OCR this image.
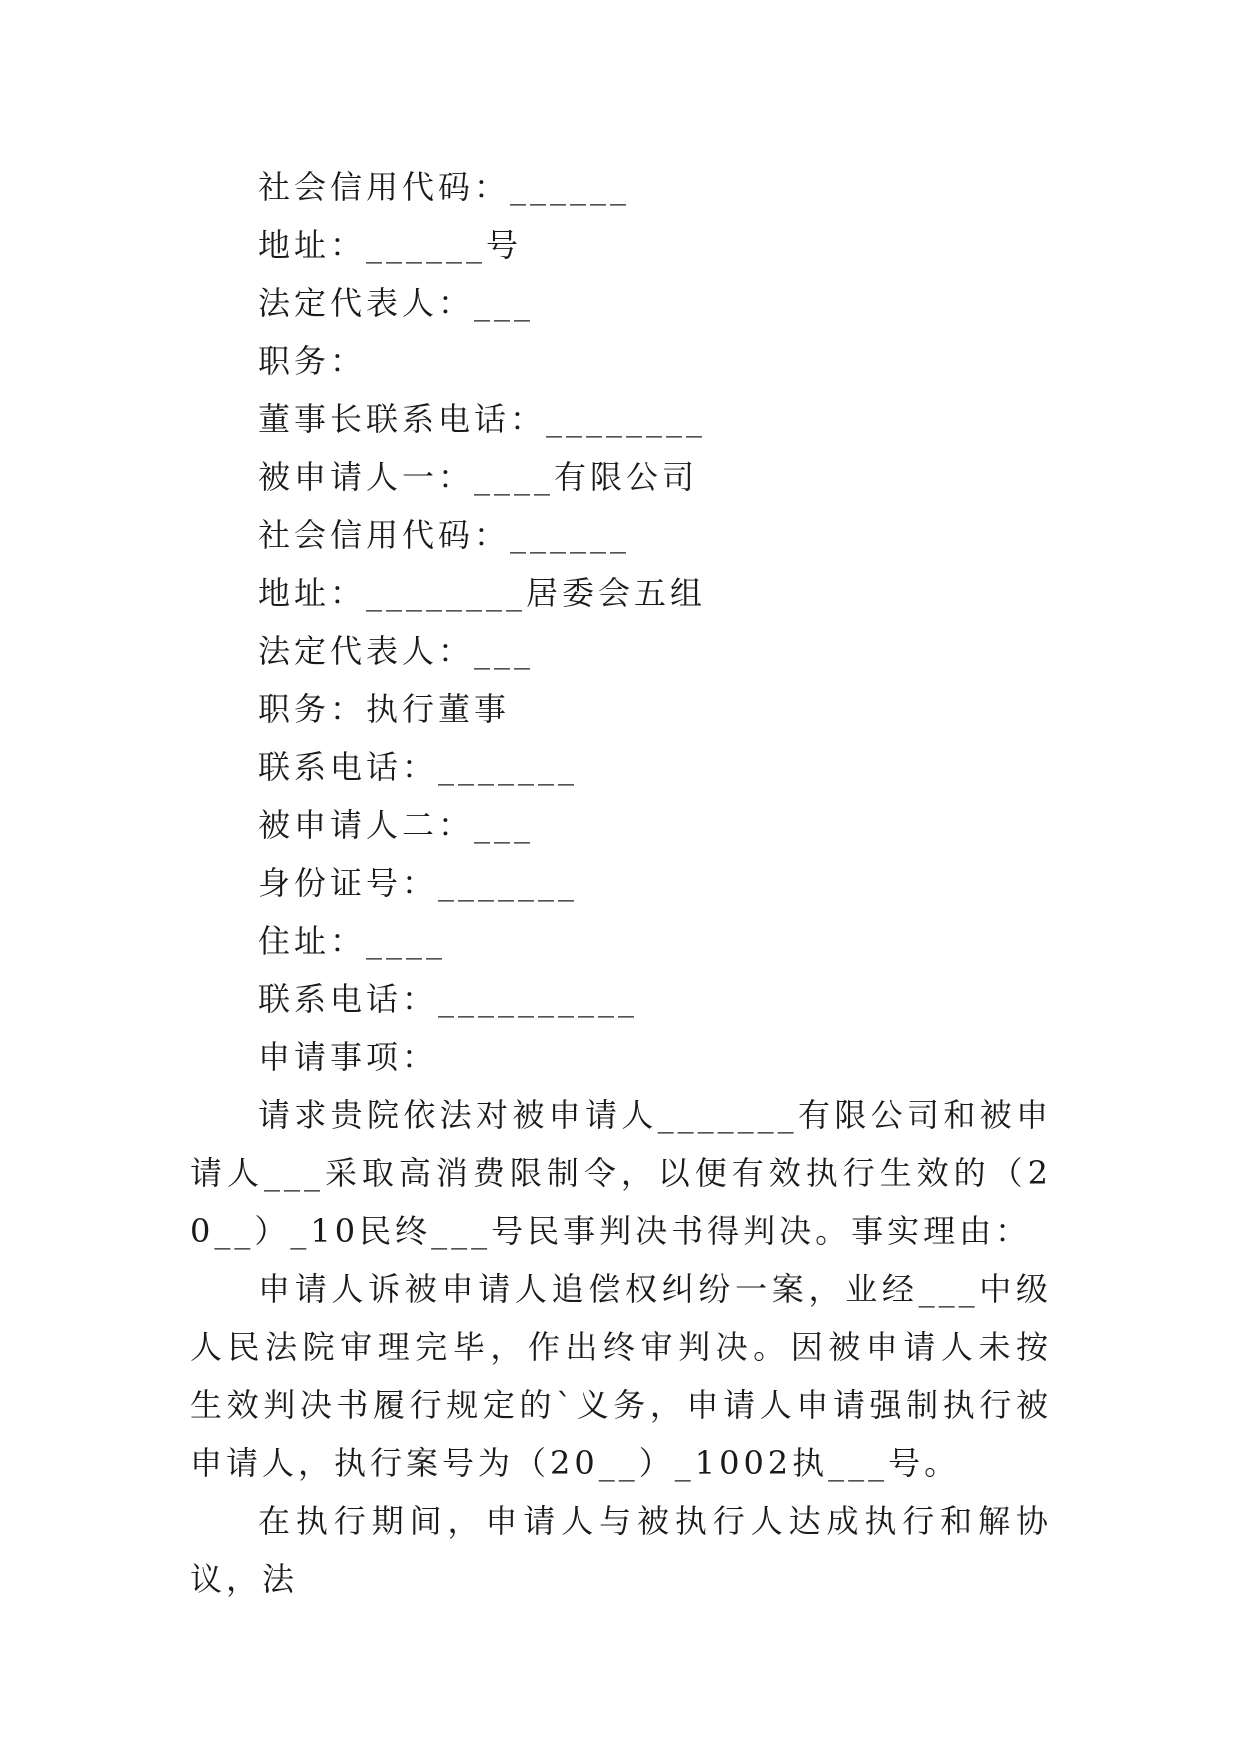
社会信用代码：______

地址：______号

法定代表人：___

职务：

董事长联系电话：________

被申请人一：____有限公司

社会信用代码：______

地址：________居委会五组

法定代表人：___

职务：执行董事

联系电话：_______

被申请人二：___

身份证号：_______

住址：____

联系电话：__________

申请事项：

请求贵院依法对被申请人_______有限公司和被申请人___采取高消费限制令，以便有效执行生效的（20__）_10民终___号民事判决书得判决。事实理由：

申请人诉被申请人追偿权纠纷一案，业经___中级人民法院审理完毕，作出终审判决。因被申请人未按生效判决书履行规定的`义务，申请人申请强制执行被申请人，执行案号为（20__）_1002执___号。

在执行期间，申请人与被执行人达成执行和解协议，法
